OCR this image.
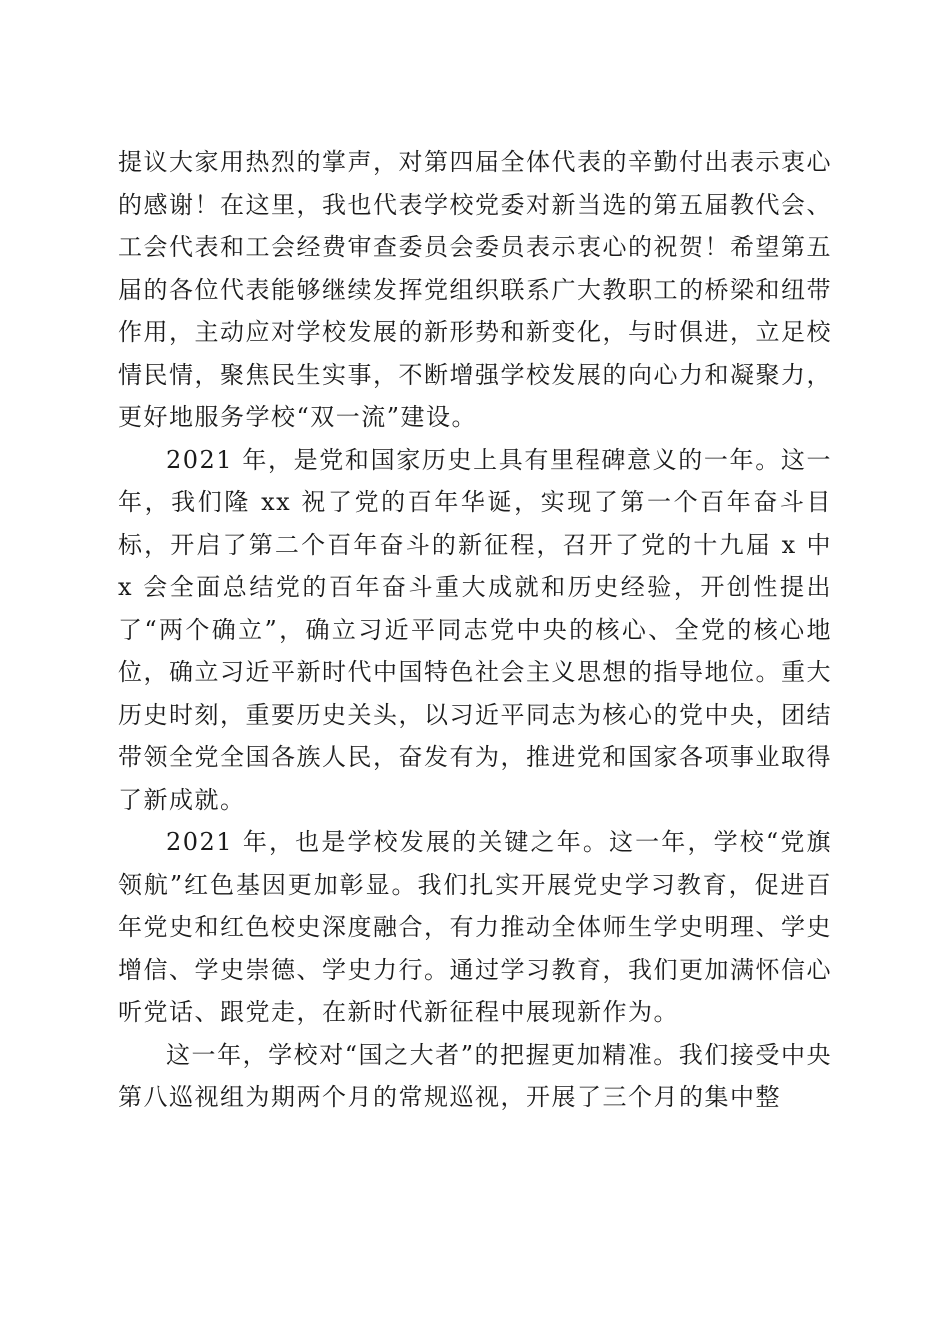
提议大家用热烈的掌声，对第四届全体代表的辛勤付出表示衷心的感谢！在这里，我也代表学校党委对新当选的第五届教代会、工会代表和工会经费审查委员会委员表示衷心的祝贺！希望第五届的各位代表能够继续发挥党组织联系广大教职工的桥梁和纽带作用，主动应对学校发展的新形势和新变化，与时俱进，立足校情民情，聚焦民生实事，不断增强学校发展的向心力和凝聚力，更好地服务学校“双一流”建设。

2021 年，是党和国家历史上具有里程碑意义的一年。这一年，我们隆 xx 祝了党的百年华诞，实现了第一个百年奋斗目标，开启了第二个百年奋斗的新征程，召开了党的十九届 x 中 x 会全面总结党的百年奋斗重大成就和历史经验，开创性提出了“两个确立”，确立习近平同志党中央的核心、全党的核心地位，确立习近平新时代中国特色社会主义思想的指导地位。重大历史时刻，重要历史关头，以习近平同志为核心的党中央，团结带领全党全国各族人民，奋发有为，推进党和国家各项事业取得了新成就。

2021 年，也是学校发展的关键之年。这一年，学校“党旗领航”红色基因更加彰显。我们扎实开展党史学习教育，促进百年党史和红色校史深度融合，有力推动全体师生学史明理、学史增信、学史崇德、学史力行。通过学习教育，我们更加满怀信心听党话、跟党走，在新时代新征程中展现新作为。

这一年，学校对“国之大者”的把握更加精准。我们接受中央第八巡视组为期两个月的常规巡视，开展了三个月的集中整
